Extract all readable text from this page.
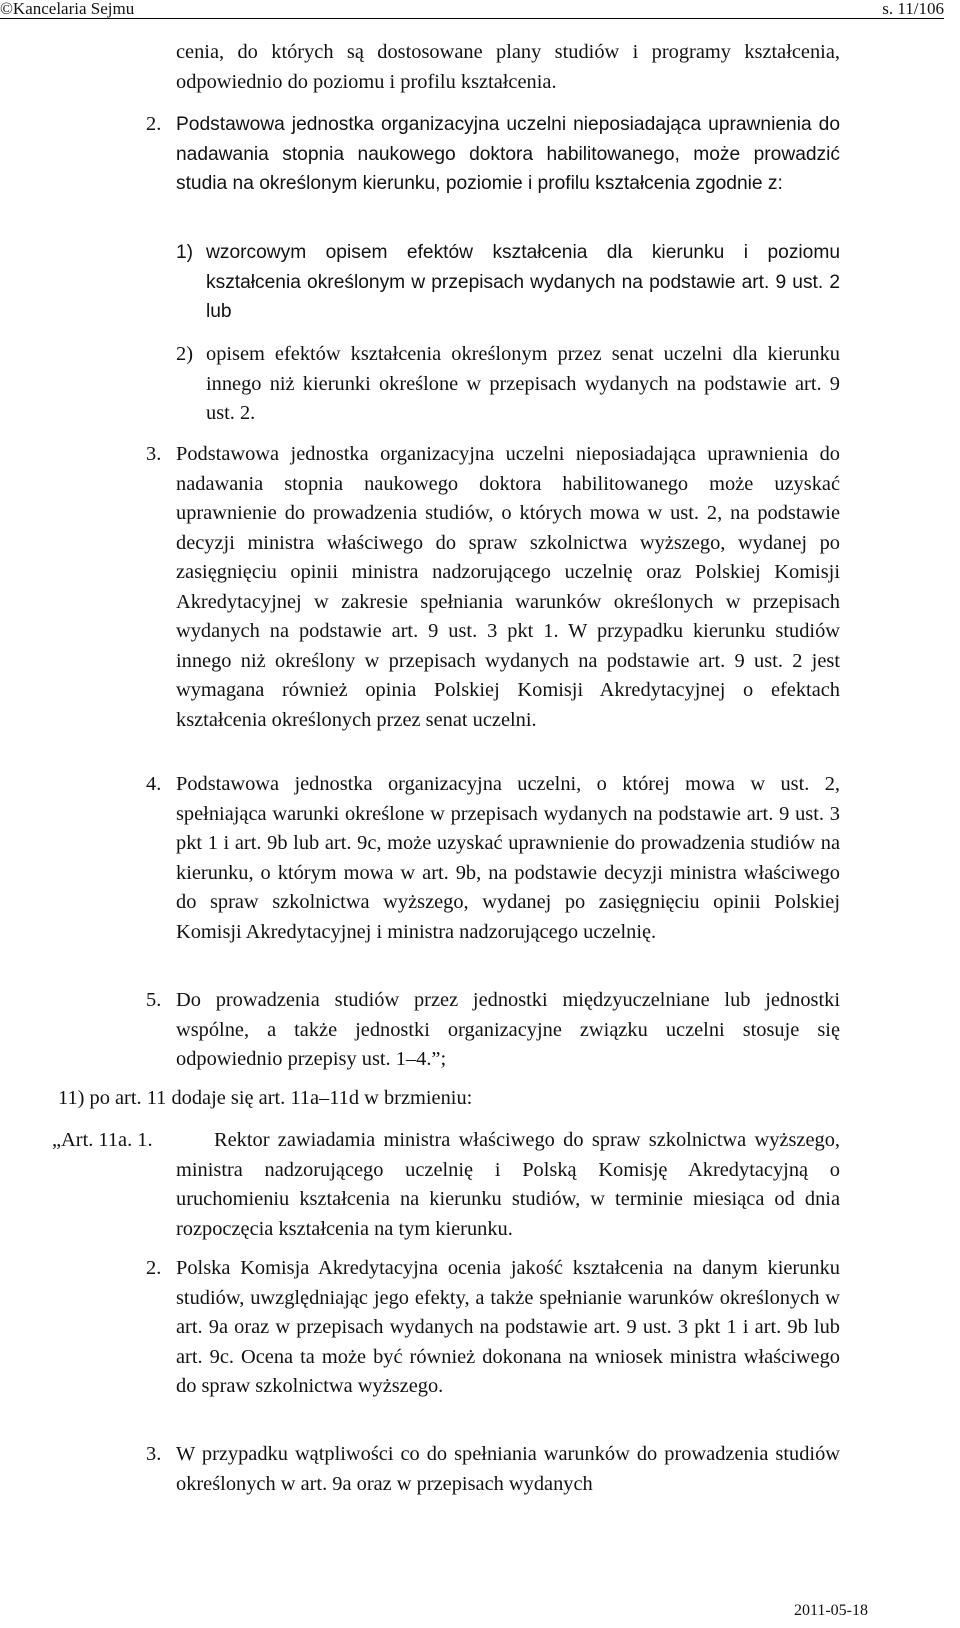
©Kancelaria Sejmu	s. 11/106

cenia, do których są dostosowane plany studiów i programy kształcenia, odpowiednio do poziomu i profilu kształcenia.

2. Podstawowa jednostka organizacyjna uczelni nieposiadająca uprawnienia do nadawania stopnia naukowego doktora habilitowanego, może prowadzić studia na określonym kierunku, poziomie i profilu kształcenia zgodnie z:

1) wzorcowym opisem efektów kształcenia dla kierunku i poziomu kształcenia określonym w przepisach wydanych na podstawie art. 9 ust. 2 lub

2) opisem efektów kształcenia określonym przez senat uczelni dla kierunku innego niż kierunki określone w przepisach wydanych na podstawie art. 9 ust. 2.

3. Podstawowa jednostka organizacyjna uczelni nieposiadająca uprawnienia do nadawania stopnia naukowego doktora habilitowanego może uzyskać uprawnienie do prowadzenia studiów, o których mowa w ust. 2, na podstawie decyzji ministra właściwego do spraw szkolnictwa wyższego, wydanej po zasięgnięciu opinii ministra nadzorującego uczelnię oraz Polskiej Komisji Akredytacyjnej w zakresie spełniania warunków określonych w przepisach wydanych na podstawie art. 9 ust. 3 pkt 1. W przypadku kierunku studiów innego niż określony w przepisach wydanych na podstawie art. 9 ust. 2 jest wymagana również opinia Polskiej Komisji Akredytacyjnej o efektach kształcenia określonych przez senat uczelni.

4. Podstawowa jednostka organizacyjna uczelni, o której mowa w ust. 2, spełniająca warunki określone w przepisach wydanych na podstawie art. 9 ust. 3 pkt 1 i art. 9b lub art. 9c, może uzyskać uprawnienie do prowadzenia studiów na kierunku, o którym mowa w art. 9b, na podstawie decyzji ministra właściwego do spraw szkolnictwa wyższego, wydanej po zasięgnięciu opinii Polskiej Komisji Akredytacyjnej i ministra nadzorującego uczelnię.

5. Do prowadzenia studiów przez jednostki międzyuczelniane lub jednostki wspólne, a także jednostki organizacyjne związku uczelni stosuje się odpowiednio przepisy ust. 1–4.”;

11) po art. 11 dodaje się art. 11a–11d w brzmieniu:

„Art. 11a. 1.	Rektor zawiadamia ministra właściwego do spraw szkolnictwa wyższego, ministra nadzorującego uczelnię i Polską Komisję Akredytacyjną o uruchomieniu kształcenia na kierunku studiów, w terminie miesiąca od dnia rozpoczęcia kształcenia na tym kierunku.

2. Polska Komisja Akredytacyjna ocenia jakość kształcenia na danym kierunku studiów, uwzględniając jego efekty, a także spełnianie warunków określonych w art. 9a oraz w przepisach wydanych na podstawie art. 9 ust. 3 pkt 1 i art. 9b lub art. 9c. Ocena ta może być również dokonana na wniosek ministra właściwego do spraw szkolnictwa wyższego.

3. W przypadku wątpliwości co do spełniania warunków do prowadzenia studiów określonych w art. 9a oraz w przepisach wydanych

2011-05-18
